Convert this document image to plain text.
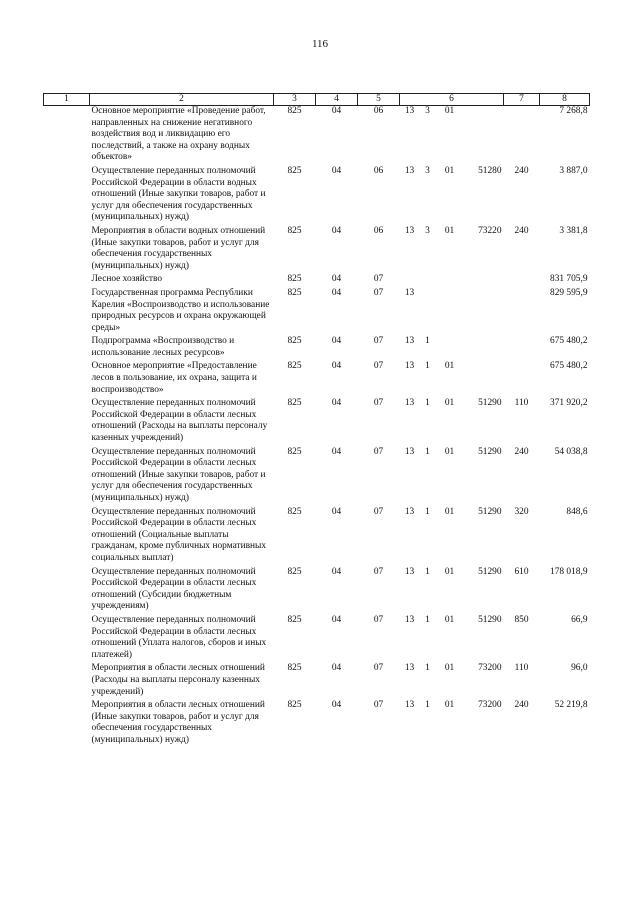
116
1	2	3	4	5	6				7	8
	Основное мероприятие «Проведение работ, направленных на снижение негативного воздействия вод и ликвидацию его последствий, а также на охрану водных объектов»	825	04	06	13	3	01			7 268,8
	Осуществление переданных полномочий Российской Федерации в области водных отношений (Иные закупки товаров, работ и услуг для обеспечения государственных (муниципальных) нужд)	825	04	06	13	3	01	51280	240	3 887,0
	Мероприятия в области водных отношений (Иные закупки товаров, работ и услуг для обеспечения государственных (муниципальных) нужд)	825	04	06	13	3	01	73220	240	3 381,8
	Лесное хозяйство	825	04	07						831 705,9
	Государственная программа Республики Карелия «Воспроизводство и использование природных ресурсов и охрана окружающей среды»	825	04	07	13					829 595,9
	Подпрограмма «Воспроизводство и использование лесных ресурсов»	825	04	07	13	1				675 480,2
	Основное мероприятие «Предоставление лесов в пользование, их охрана, защита и воспроизводство»	825	04	07	13	1	01			675 480,2
	Осуществление переданных полномочий Российской Федерации в области лесных отношений (Расходы на выплаты персоналу казенных учреждений)	825	04	07	13	1	01	51290	110	371 920,2
	Осуществление переданных полномочий Российской Федерации в области лесных отношений (Иные закупки товаров, работ и услуг для обеспечения государственных (муниципальных) нужд)	825	04	07	13	1	01	51290	240	54 038,8
	Осуществление переданных полномочий Российской Федерации в области лесных отношений (Социальные выплаты гражданам, кроме публичных нормативных социальных выплат)	825	04	07	13	1	01	51290	320	848,6
	Осуществление переданных полномочий Российской Федерации в области лесных отношений (Субсидии бюджетным учреждениям)	825	04	07	13	1	01	51290	610	178 018,9
	Осуществление переданных полномочий Российской Федерации в области лесных отношений (Уплата налогов, сборов и иных платежей)	825	04	07	13	1	01	51290	850	66,9
	Мероприятия в области лесных отношений (Расходы на выплаты персоналу казенных учреждений)	825	04	07	13	1	01	73200	110	96,0
	Мероприятия в области лесных отношений (Иные закупки товаров, работ и услуг для обеспечения государственных (муниципальных) нужд)	825	04	07	13	1	01	73200	240	52 219,8
